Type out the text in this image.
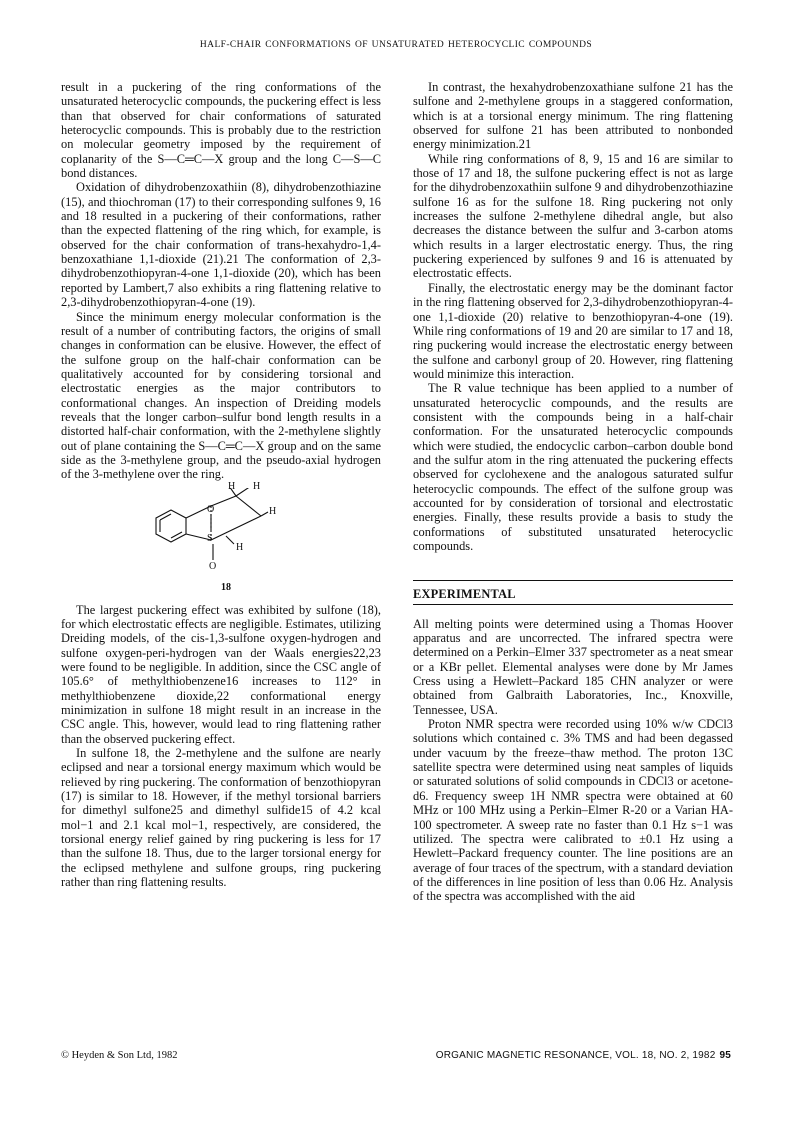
HALF-CHAIR CONFORMATIONS OF UNSATURATED HETEROCYCLIC COMPOUNDS

result in a puckering of the ring conformations of the unsaturated heterocyclic compounds, the puckering effect is less than that observed for chair conformations of saturated heterocyclic compounds. This is probably due to the restriction on molecular geometry imposed by the requirement of coplanarity of the S—C═C—X group and the long C—S—C bond distances.

Oxidation of dihydrobenzoxathiin (8), dihydrobenzothiazine (15), and thiochroman (17) to their corresponding sulfones 9, 16 and 18 resulted in a puckering of their conformations, rather than the expected flattening of the ring which, for example, is observed for the chair conformation of trans-hexahydro-1,4-benzoxathiane 1,1-dioxide (21).21 The conformation of 2,3-dihydrobenzothiopyran-4-one 1,1-dioxide (20), which has been reported by Lambert,7 also exhibits a ring flattening relative to 2,3-dihydrobenzothiopyran-4-one (19).

Since the minimum energy molecular conformation is the result of a number of contributing factors, the origins of small changes in conformation can be elusive. However, the effect of the sulfone group on the half-chair conformation can be qualitatively accounted for by considering torsional and electrostatic energies as the major contributors to conformational changes. An inspection of Dreiding models reveals that the longer carbon–sulfur bond length results in a distorted half-chair conformation, with the 2-methylene slightly out of plane containing the S—C═C—X group and on the same side as the 3-methylene group, and the pseudo-axial hydrogen of the 3-methylene over the ring.

H H
H
H
O
S
O
18

The largest puckering effect was exhibited by sulfone (18), for which electrostatic effects are negligible. Estimates, utilizing Dreiding models, of the cis-1,3-sulfone oxygen-hydrogen and sulfone oxygen-peri-hydrogen van der Waals energies22,23 were found to be negligible. In addition, since the CSC angle of 105.6° of methylthiobenzene16 increases to 112° in methylthiobenzene dioxide,22 conformational energy minimization in sulfone 18 might result in an increase in the CSC angle. This, however, would lead to ring flattening rather than the observed puckering effect.

In sulfone 18, the 2-methylene and the sulfone are nearly eclipsed and near a torsional energy maximum which would be relieved by ring puckering. The conformation of benzothiopyran (17) is similar to 18. However, if the methyl torsional barriers for dimethyl sulfone25 and dimethyl sulfide15 of 4.2 kcal mol−1 and 2.1 kcal mol−1, respectively, are considered, the torsional energy relief gained by ring puckering is less for 17 than the sulfone 18. Thus, due to the larger torsional energy for the eclipsed methylene and sulfone groups, ring puckering rather than ring flattening results.

In contrast, the hexahydrobenzoxathiane sulfone 21 has the sulfone and 2-methylene groups in a staggered conformation, which is at a torsional energy minimum. The ring flattening observed for sulfone 21 has been attributed to nonbonded energy minimization.21

While ring conformations of 8, 9, 15 and 16 are similar to those of 17 and 18, the sulfone puckering effect is not as large for the dihydrobenzoxathiin sulfone 9 and dihydrobenzothiazine sulfone 16 as for the sulfone 18. Ring puckering not only increases the sulfone 2-methylene dihedral angle, but also decreases the distance between the sulfur and 3-carbon atoms which results in a larger electrostatic energy. Thus, the ring puckering experienced by sulfones 9 and 16 is attenuated by electrostatic effects.

Finally, the electrostatic energy may be the dominant factor in the ring flattening observed for 2,3-dihydrobenzothiopyran-4-one 1,1-dioxide (20) relative to benzothiopyran-4-one (19). While ring conformations of 19 and 20 are similar to 17 and 18, ring puckering would increase the electrostatic energy between the sulfone and carbonyl group of 20. However, ring flattening would minimize this interaction.

The R value technique has been applied to a number of unsaturated heterocyclic compounds, and the results are consistent with the compounds being in a half-chair conformation. For the unsaturated heterocyclic compounds which were studied, the endocyclic carbon–carbon double bond and the sulfur atom in the ring attenuated the puckering effects observed for cyclohexene and the analogous saturated sulfur heterocyclic compounds. The effect of the sulfone group was accounted for by consideration of torsional and electrostatic energies. Finally, these results provide a basis to study the conformations of substituted unsaturated heterocyclic compounds.

EXPERIMENTAL

All melting points were determined using a Thomas Hoover apparatus and are uncorrected. The infrared spectra were determined on a Perkin–Elmer 337 spectrometer as a neat smear or a KBr pellet. Elemental analyses were done by Mr James Cress using a Hewlett–Packard 185 CHN analyzer or were obtained from Galbraith Laboratories, Inc., Knoxville, Tennessee, USA.

Proton NMR spectra were recorded using 10% w/w CDCl3 solutions which contained c. 3% TMS and had been degassed under vacuum by the freeze–thaw method. The proton 13C satellite spectra were determined using neat samples of liquids or saturated solutions of solid compounds in CDCl3 or acetone-d6. Frequency sweep 1H NMR spectra were obtained at 60 MHz or 100 MHz using a Perkin–Elmer R-20 or a Varian HA-100 spectrometer. A sweep rate no faster than 0.1 Hz s−1 was utilized. The spectra were calibrated to ±0.1 Hz using a Hewlett–Packard frequency counter. The line positions are an average of four traces of the spectrum, with a standard deviation of the differences in line position of less than 0.06 Hz. Analysis of the spectra was accomplished with the aid

© Heyden & Son Ltd, 1982	ORGANIC MAGNETIC RESONANCE, VOL. 18, NO. 2, 1982 95
